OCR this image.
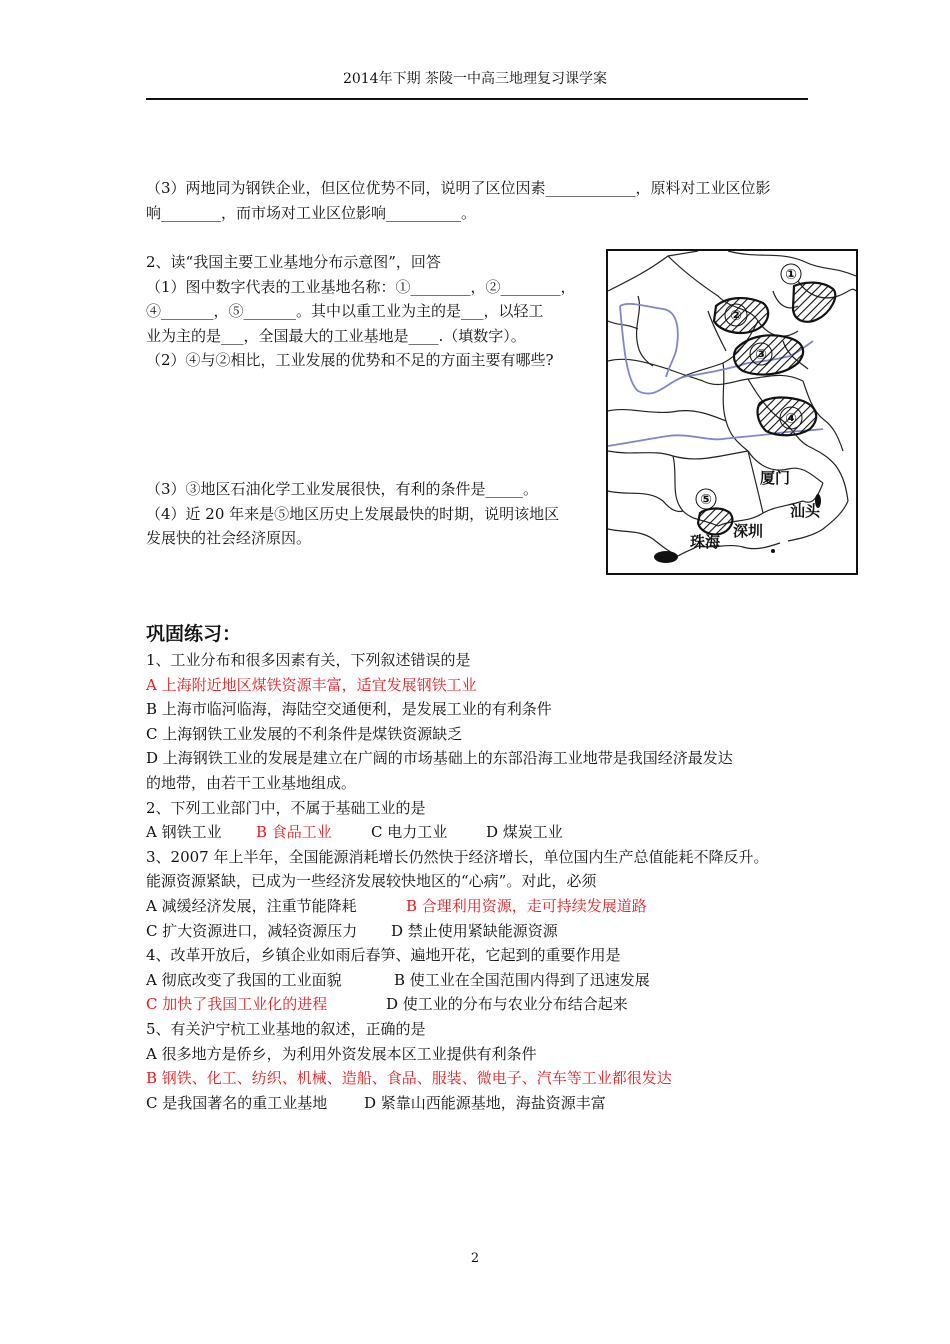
2014年下期 茶陵一中高三地理复习课学案
（3）两地同为钢铁企业，但区位优势不同，说明了区位因素____________，原料对工业区位影
响________，而市场对工业区位影响__________。
2、读“我国主要工业基地分布示意图”，回答
（1）图中数字代表的工业基地名称：①________，②________，
④_______，⑤_______。其中以重工业为主的是___，以轻工
业为主的是___，全国最大的工业基地是____.（填数字）。
（2）④与②相比，工业发展的优势和不足的方面主要有哪些?
（3）③地区石油化学工业发展很快，有利的条件是_____。
（4）近 20 年来是⑤地区历史上发展最快的时期，说明该地区
发展快的社会经济原因。
①
②
③
④
⑤
厦门
汕头
深圳
珠海
巩固练习：
1、工业分布和很多因素有关，下列叙述错误的是
A 上海附近地区煤铁资源丰富，适宜发展钢铁工业
B 上海市临河临海，海陆空交通便利，是发展工业的有利条件
C 上海钢铁工业发展的不利条件是煤铁资源缺乏
D 上海钢铁工业的发展是建立在广阔的市场基础上的东部沿海工业地带是我国经济最发达
的地带，由若干工业基地组成。
2、下列工业部门中，不属于基础工业的是
A 钢铁工业 B 食品工业	C 电力工业	D 煤炭工业
3、2007 年上半年，全国能源消耗增长仍然快于经济增长，单位国内生产总值能耗不降反升。
能源资源紧缺，已成为一些经济发展较快地区的“心病”。对此，必须
A 减缓经济发展，注重节能降耗	B 合理利用资源，走可持续发展道路
C 扩大资源进口，减轻资源压力 D 禁止使用紧缺能源资源
4、改革开放后，乡镇企业如雨后春笋、遍地开花，它起到的重要作用是
A 彻底改变了我国的工业面貌	B 使工业在全国范围内得到了迅速发展
C 加快了我国工业化的进程	D 使工业的分布与农业分布结合起来
5、有关沪宁杭工业基地的叙述，正确的是
A 很多地方是侨乡，为利用外资发展本区工业提供有利条件
B 钢铁、化工、纺织、机械、造船、食品、服装、微电子、汽车等工业都很发达
C 是我国著名的重工业基地 D 紧靠山西能源基地，海盐资源丰富
2
